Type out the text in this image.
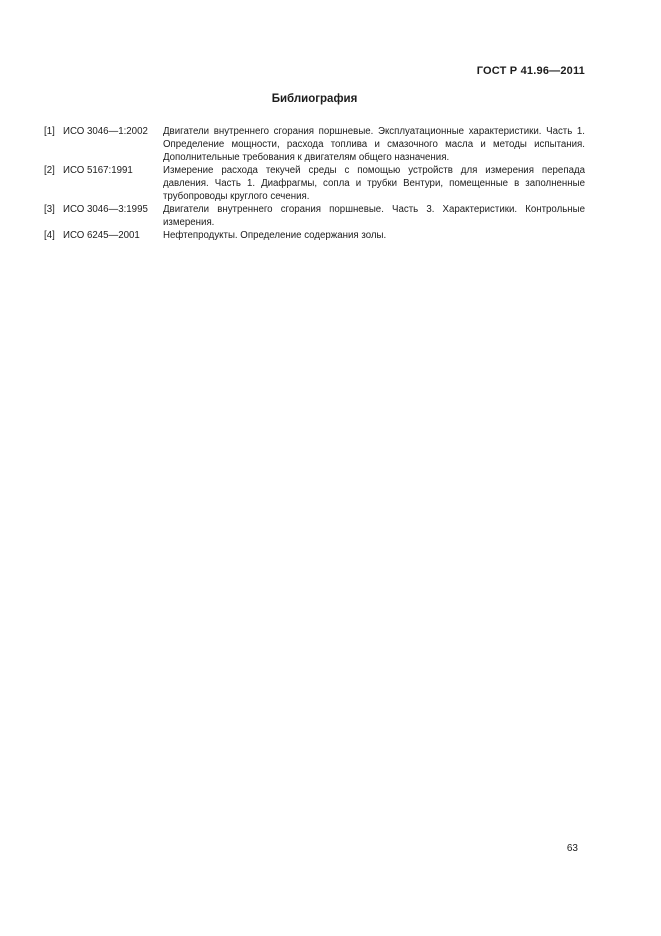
ГОСТ Р 41.96—2011
Библиография
[1] ИСО 3046—1:2002	Двигатели внутреннего сгорания поршневые. Эксплуатационные характеристики. Часть 1. Определение мощности, расхода топлива и смазочного масла и методы испытания. Дополнительные требования к двигателям общего назначения.
[2] ИСО 5167:1991	Измерение расхода текучей среды с помощью устройств для измерения перепада давления. Часть 1. Диафрагмы, сопла и трубки Вентури, помещенные в заполненные трубопроводы круглого сечения.
[3] ИСО 3046—3:1995	Двигатели внутреннего сгорания поршневые. Часть 3. Характеристики. Контрольные измерения.
[4] ИСО 6245—2001	Нефтепродукты. Определение содержания золы.
63
